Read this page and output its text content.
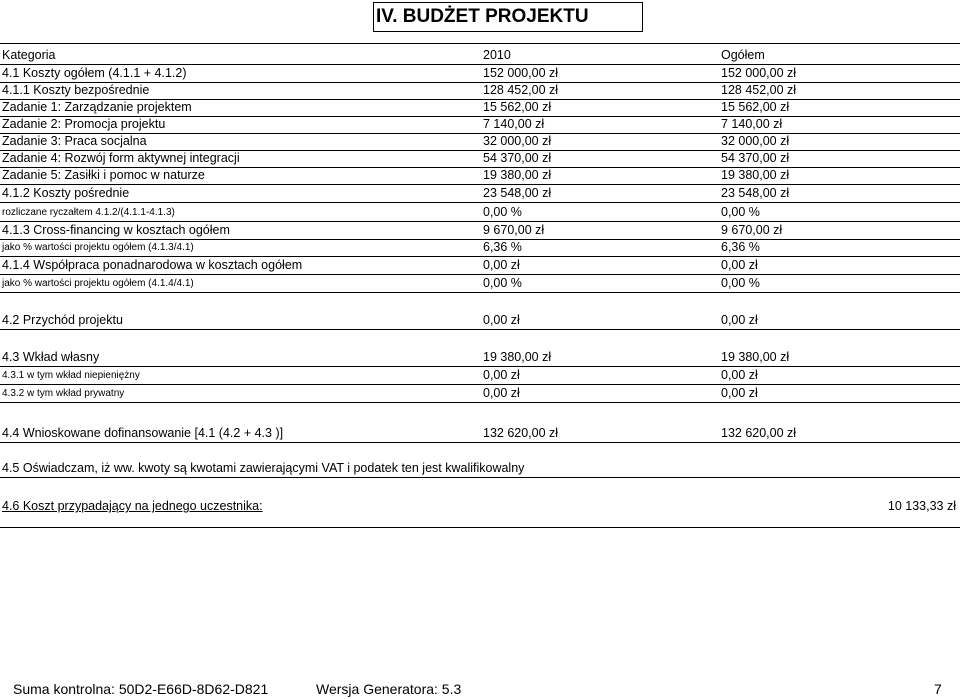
IV. BUDŻET PROJEKTU
Kategoria	2010	Ogółem
4.1 Koszty ogółem (4.1.1 + 4.1.2)	152 000,00 zł	152 000,00 zł
4.1.1 Koszty bezpośrednie	128 452,00 zł	128 452,00 zł
Zadanie 1: Zarządzanie projektem	15 562,00 zł	15 562,00 zł
Zadanie 2: Promocja projektu	7 140,00 zł	7 140,00 zł
Zadanie 3: Praca socjalna	32 000,00 zł	32 000,00 zł
Zadanie 4: Rozwój form aktywnej integracji	54 370,00 zł	54 370,00 zł
Zadanie 5: Zasiłki i pomoc w naturze	19 380,00 zł	19 380,00 zł
4.1.2 Koszty pośrednie	23 548,00 zł	23 548,00 zł
rozliczane ryczałtem 4.1.2/(4.1.1-4.1.3)	0,00 %	0,00 %
4.1.3 Cross-financing w kosztach ogółem	9 670,00 zł	9 670,00 zł
jako % wartości projektu ogółem (4.1.3/4.1)	6,36 %	6,36 %
4.1.4 Współpraca ponadnarodowa w kosztach ogółem	0,00 zł	0,00 zł
jako % wartości projektu ogółem (4.1.4/4.1)	0,00 %	0,00 %
4.2 Przychód projektu	0,00 zł	0,00 zł
4.3 Wkład własny	19 380,00 zł	19 380,00 zł
4.3.1 w tym wkład niepieniężny	0,00 zł	0,00 zł
4.3.2 w tym wkład prywatny	0,00 zł	0,00 zł
4.4 Wnioskowane dofinansowanie [4.1 (4.2 + 4.3 )]	132 620,00 zł	132 620,00 zł
4.5 Oświadczam, iż ww. kwoty są kwotami zawierającymi VAT i podatek ten jest kwalifikowalny
4.6 Koszt przypadający na jednego uczestnika:	10 133,33 zł
Suma kontrolna: 50D2-E66D-8D62-D821	Wersja Generatora: 5.3	7
